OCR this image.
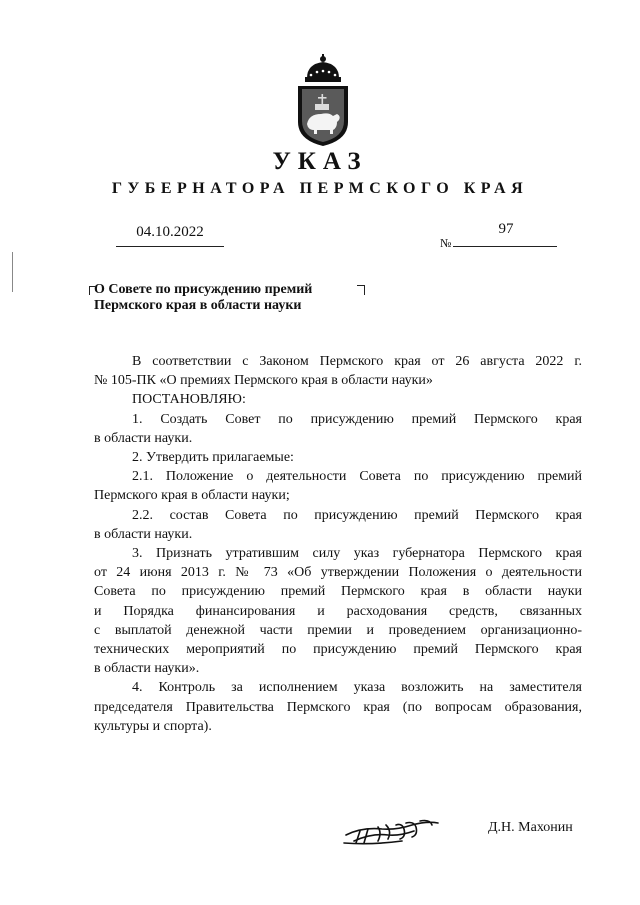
УКАЗ
ГУБЕРНАТОРА ПЕРМСКОГО КРАЯ
04.10.2022
№
97
О Совете по присуждению премий
Пермского края в области науки
В соответствии с Законом Пермского края от 26 августа 2022 г.
№ 105-ПК «О премиях Пермского края в области науки»
ПОСТАНОВЛЯЮ:
1. Создать Совет по присуждению премий Пермского края
в области науки.
2. Утвердить прилагаемые:
2.1. Положение о деятельности Совета по присуждению премий
Пермского края в области науки;
2.2. состав Совета по присуждению премий Пермского края
в области науки.
3. Признать утратившим силу указ губернатора Пермского края
от 24 июня 2013 г. № 73 «Об утверждении Положения о деятельности
Совета по присуждению премий Пермского края в области науки
и Порядка финансирования и расходования средств, связанных
с выплатой денежной части премии и проведением организационно-
технических мероприятий по присуждению премий Пермского края
в области науки».
4. Контроль за исполнением указа возложить на заместителя
председателя Правительства Пермского края (по вопросам образования,
культуры и спорта).
Д.Н. Махонин
